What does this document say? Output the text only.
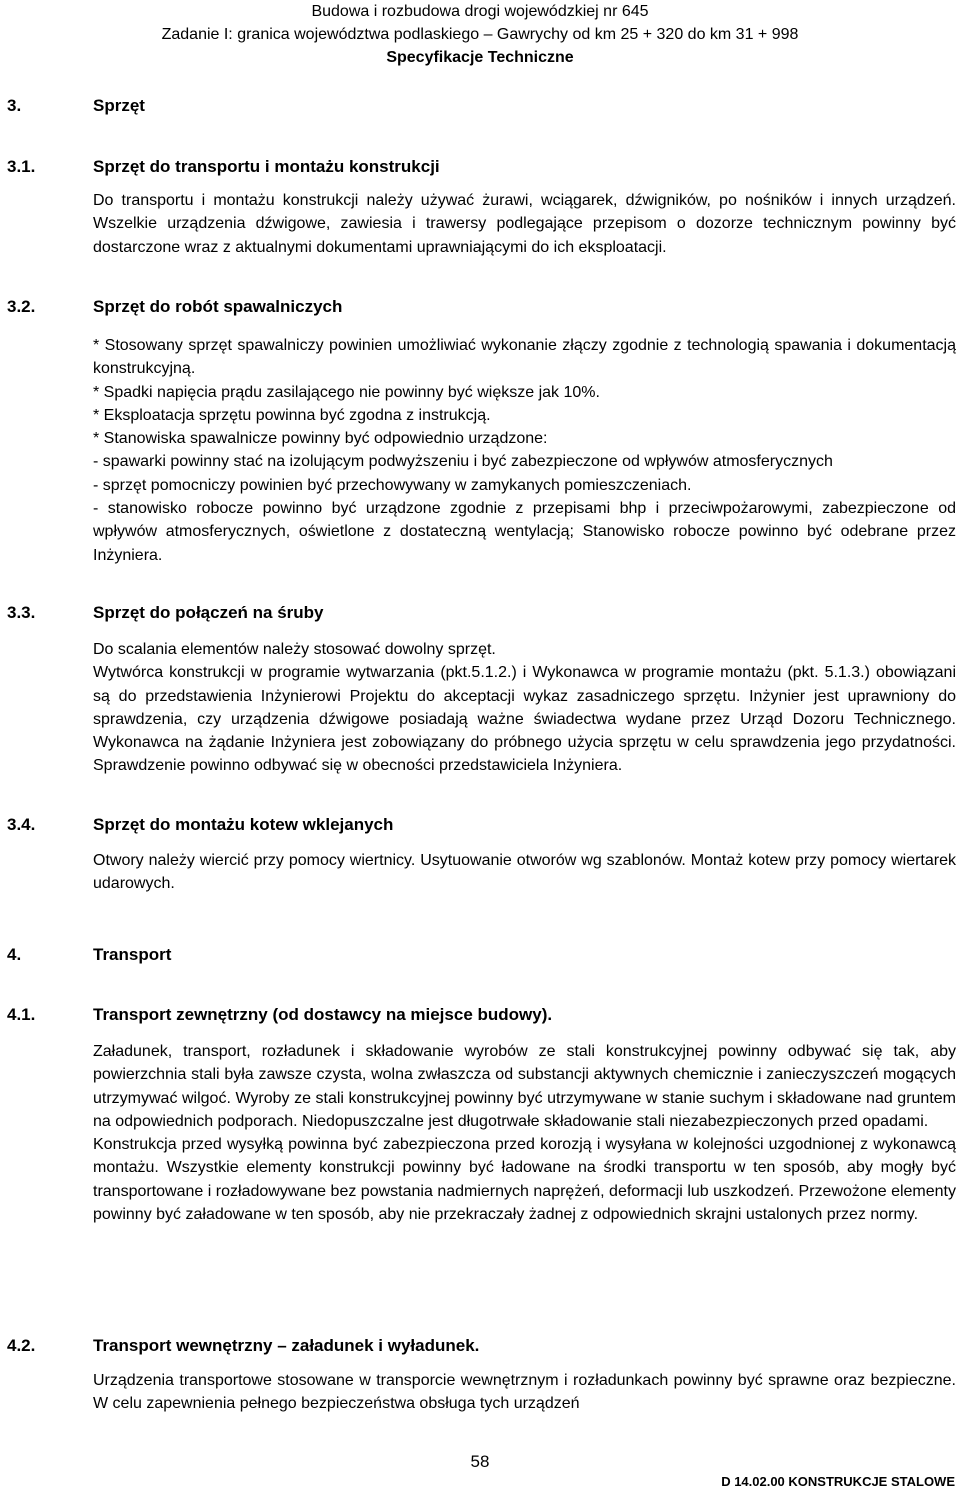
Budowa i rozbudowa drogi wojewódzkiej nr 645
Zadanie I: granica województwa podlaskiego – Gawrychy od km 25 + 320 do km 31 + 998
Specyfikacje Techniczne
3.	Sprzęt
3.1.	Sprzęt do transportu i montażu konstrukcji

Do transportu i montażu konstrukcji należy używać żurawi, wciągarek, dźwigników, po nośników i innych urządzeń. Wszelkie urządzenia dźwigowe, zawiesia i trawersy podlegające przepisom o dozorze technicznym powinny być dostarczone wraz z aktualnymi dokumentami uprawniającymi do ich eksploatacji.

3.2.	Sprzęt do robót spawalniczych

* Stosowany sprzęt spawalniczy powinien umożliwiać wykonanie złączy zgodnie z technologią spawania i dokumentacją konstrukcyjną.

* Spadki napięcia prądu zasilającego nie powinny być większe jak 10%.

* Eksploatacja sprzętu powinna być zgodna z instrukcją.

* Stanowiska spawalnicze powinny być odpowiednio urządzone:

- spawarki powinny stać na izolującym podwyższeniu i być zabezpieczone od wpływów atmosferycznych

- sprzęt pomocniczy powinien być przechowywany w zamykanych pomieszczeniach.

- stanowisko robocze powinno być urządzone zgodnie z przepisami bhp i przeciwpożarowymi, zabezpieczone od wpływów atmosferycznych, oświetlone z dostateczną wentylacją; Stanowisko robocze powinno być odebrane przez Inżyniera.

3.3.	Sprzęt do połączeń na śruby

Do scalania elementów należy stosować dowolny sprzęt.

Wytwórca konstrukcji w programie wytwarzania (pkt.5.1.2.) i Wykonawca w programie montażu (pkt. 5.1.3.) obowiązani są do przedstawienia Inżynierowi Projektu do akceptacji wykaz zasadniczego sprzętu. Inżynier jest uprawniony do sprawdzenia, czy urządzenia dźwigowe posiadają ważne świadectwa wydane przez Urząd Dozoru Technicznego. Wykonawca na żądanie Inżyniera jest zobowiązany do próbnego użycia sprzętu w celu sprawdzenia jego przydatności. Sprawdzenie powinno odbywać się w obecności przedstawiciela Inżyniera.

3.4.	Sprzęt do montażu kotew wklejanych

Otwory należy wiercić przy pomocy wiertnicy. Usytuowanie otworów wg szablonów. Montaż kotew przy pomocy wiertarek udarowych.

4.	Transport
4.1.	Transport zewnętrzny (od dostawcy na miejsce budowy).

Załadunek, transport, rozładunek i składowanie wyrobów ze stali konstrukcyjnej powinny odbywać się tak, aby powierzchnia stali była zawsze czysta, wolna zwłaszcza od substancji aktywnych chemicznie i zanieczyszczeń mogących utrzymywać wilgoć. Wyroby ze stali konstrukcyjnej powinny być utrzymywane w stanie suchym i składowane nad gruntem na odpowiednich podporach. Niedopuszczalne jest długotrwałe składowanie stali niezabezpieczonych przed opadami.

Konstrukcja przed wysyłką powinna być zabezpieczona przed korozją i wysyłana w kolejności uzgodnionej z wykonawcą montażu. Wszystkie elementy konstrukcji powinny być ładowane na środki transportu w ten sposób, aby mogły być transportowane i rozładowywane bez powstania nadmiernych naprężeń, deformacji lub uszkodzeń. Przewożone elementy powinny być załadowane w ten sposób, aby nie przekraczały żadnej z odpowiednich skrajni ustalonych przez normy.

4.2.	Transport wewnętrzny – załadunek i wyładunek.

Urządzenia transportowe stosowane w transporcie wewnętrznym i rozładunkach powinny być sprawne oraz bezpieczne. W celu zapewnienia pełnego bezpieczeństwa obsługa tych urządzeń

58
D 14.02.00 KONSTRUKCJE STALOWE
